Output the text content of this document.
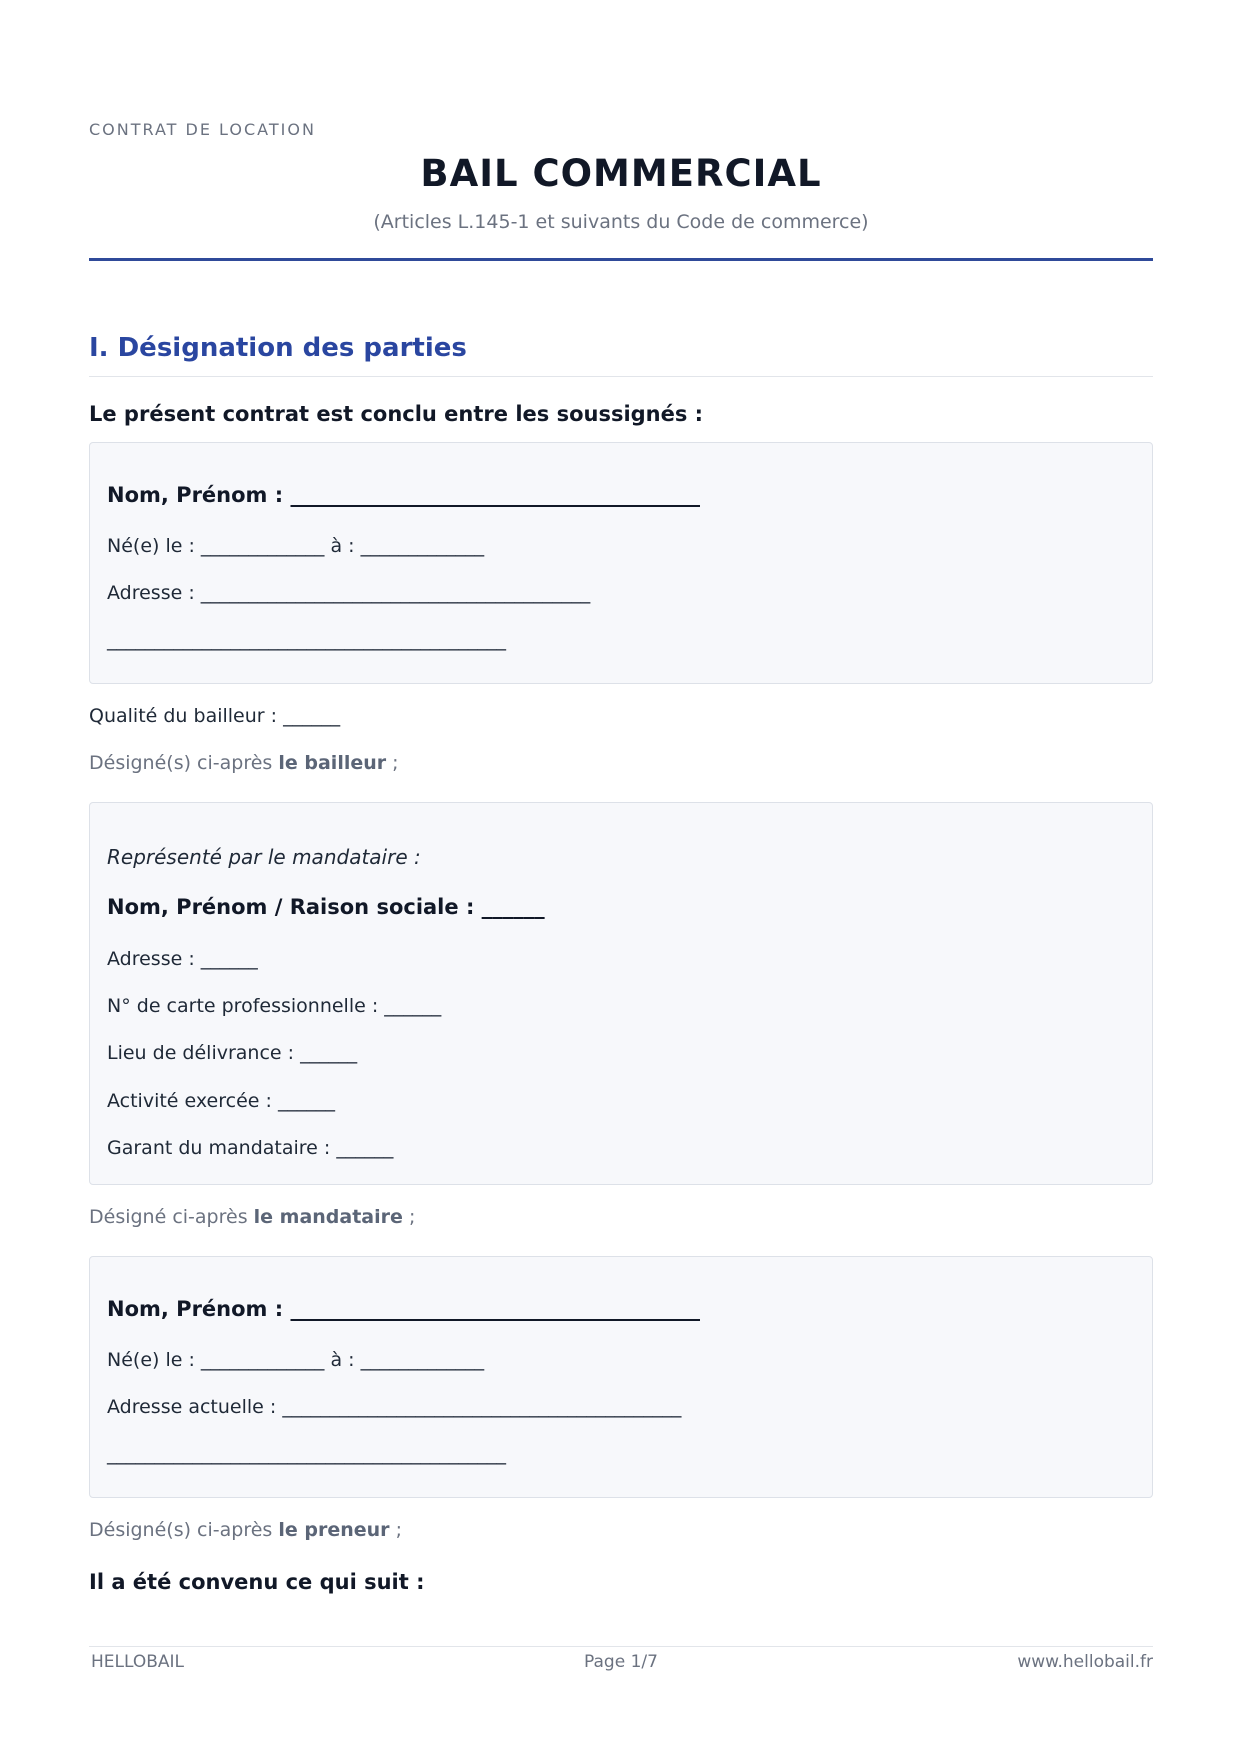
CONTRAT DE LOCATION
BAIL COMMERCIAL
(Articles L.145-1 et suivants du Code de commerce)
I. Désignation des parties
Le présent contrat est conclu entre les soussignés :
Nom, Prénom : _______________________________________
Né(e) le : _____________ à : _____________
Adresse : _________________________________________
__________________________________________
Qualité du bailleur : ______
Désigné(s) ci-après le bailleur ;
Représenté par le mandataire :
Nom, Prénom / Raison sociale : ______
Adresse : ______
N° de carte professionnelle : ______
Lieu de délivrance : ______
Activité exercée : ______
Garant du mandataire : ______
Désigné ci-après le mandataire ;
Nom, Prénom : _______________________________________
Né(e) le : _____________ à : _____________
Adresse actuelle : __________________________________________
__________________________________________
Désigné(s) ci-après le preneur ;
Il a été convenu ce qui suit :
HELLOBAIL	Page 1/7	www.hellobail.fr
